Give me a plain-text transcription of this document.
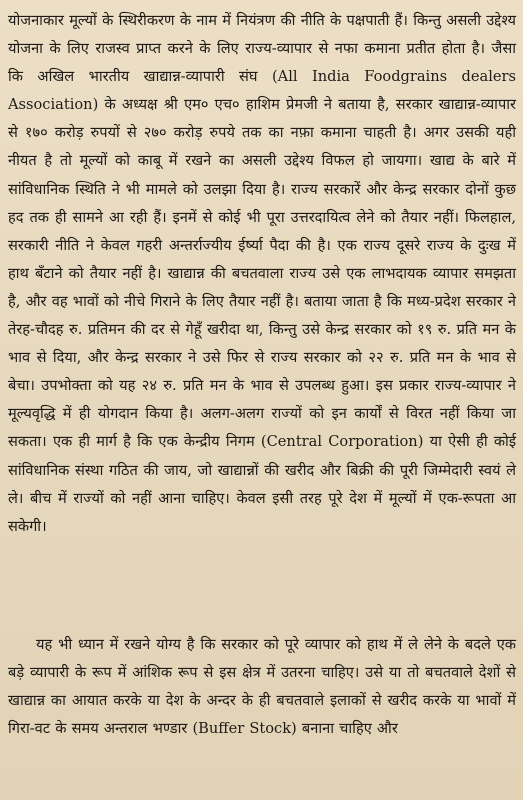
योजनाकार मूल्यों के स्थिरीकरण के नाम में नियंत्रण की नीति के पक्षपाती हैं। किन्तु असली उद्देश्य योजना के लिए राजस्व प्राप्त करने के लिए राज्य-व्यापार से नफा कमाना प्रतीत होता है। जैसा कि अखिल भारतीय खाद्यान्न-व्यापारी संघ (All India Foodgrains dealers Association) के अध्यक्ष श्री एम० एच० हाशिम प्रेमजी ने बताया है, सरकार खाद्यान्न-व्यापार से १७० करोड़ रुपयों से २७० करोड़ रुपये तक का नफ़ा कमाना चाहती है। अगर उसकी यही नीयत है तो मूल्यों को काबू में रखने का असली उद्देश्य विफल हो जायगा। खाद्य के बारे में सांविधानिक स्थिति ने भी मामले को उलझा दिया है। राज्य सरकारें और केन्द्र सरकार दोनों कुछ हद तक ही सामने आ रही हैं। इनमें से कोई भी पूरा उत्तरदायित्व लेने को तैयार नहीं। फिलहाल, सरकारी नीति ने केवल गहरी अन्तर्राज्यीय ईर्ष्या पैदा की है। एक राज्य दूसरे राज्य के दुःख में हाथ बँटाने को तैयार नहीं है। खाद्यान्न की बचतवाला राज्य उसे एक लाभदायक व्यापार समझता है, और वह भावों को नीचे गिराने के लिए तैयार नहीं है। बताया जाता है कि मध्य-प्रदेश सरकार ने तेरह-चौदह रु. प्रतिमन की दर से गेहूँ खरीदा था, किन्तु उसे केन्द्र सरकार को १९ रु. प्रति मन के भाव से दिया, और केन्द्र सरकार ने उसे फिर से राज्य सरकार को २२ रु. प्रति मन के भाव से बेचा। उपभोक्ता को यह २४ रु. प्रति मन के भाव से उपलब्ध हुआ। इस प्रकार राज्य-व्यापार ने मूल्यवृद्धि में ही योगदान किया है। अलग-अलग राज्यों को इन कार्यों से विरत नहीं किया जा सकता। एक ही मार्ग है कि एक केन्द्रीय निगम (Central Corporation) या ऐसी ही कोई सांविधानिक संस्था गठित की जाय, जो खाद्यान्नों की खरीद और बिक्री की पूरी जिम्मेदारी स्वयं ले ले। बीच में राज्यों को नहीं आना चाहिए। केवल इसी तरह पूरे देश में मूल्यों में एक-रूपता आ सकेगी।

यह भी ध्यान में रखने योग्य है कि सरकार को पूरे व्यापार को हाथ में ले लेने के बदले एक बड़े व्यापारी के रूप में आंशिक रूप से इस क्षेत्र में उतरना चाहिए। उसे या तो बचतवाले देशों से खाद्यान्न का आयात करके या देश के अन्दर के ही बचतवाले इलाकों से खरीद करके या भावों में गिरा-वट के समय अन्तराल भण्डार (Buffer Stock) बनाना चाहिए और
